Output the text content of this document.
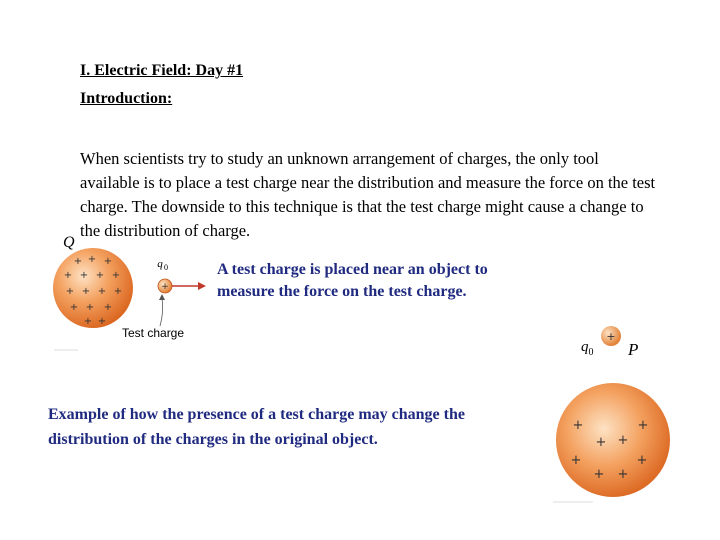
I. Electric Field: Day #1
Introduction:
When scientists try to study an unknown arrangement of charges, the only tool available is to place a test charge near the distribution and measure the force on the test charge. The downside to this technique is that the test charge might cause a change to the distribution of charge.
+ + +
+ + + +
+ + + +
+ + +
+ +
+
q 0
Q
Test charge
A test charge is placed near an object to measure the force on the test charge.
+
$q_0$ P
+	+
+ +
+	+
+ +
Example of how the presence of a test charge may change the distribution of the charges in the original object.
